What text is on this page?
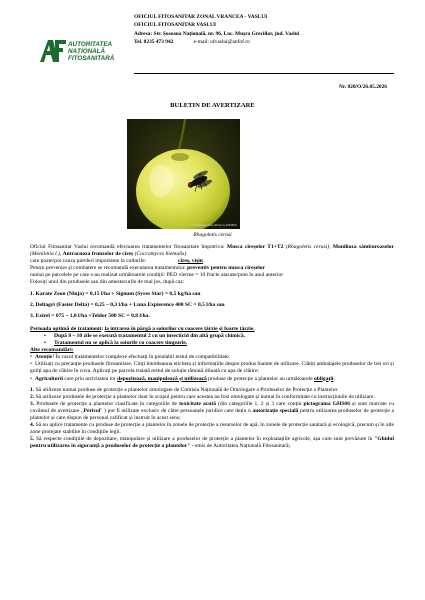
AUTORITATEA
NAȚIONALĂ
FITOSANITARĂ
OFICIUL FITOSANITAR ZONAL VRANCEA - VASLUI
OFICIUL FITOSANITAR VASLUI
Adresa: Str. Șoseaua Națională, nr. 96, Loc. Mușra Greciilor, jud. Vaslui
Tel. 0235 473 942	e-mail: ofvaslui@anfof.ro
Nr. 020/O/26.05.2026
BULETIN DE AVERTIZARE
Rhagoletis cerasi (Photo by ANF/BIO)
Rhagoletis cerasi

Oficiul Fitosanitar Vaslui recomandă efectuarea tratamentelor fitosanitare împotriva: Musca cireșelor T1+T2 (Rhagoletis cerasi), Monilioza sâmburoaselor (Monilinia l.), Antracnoza frunzelor de cireș (Coccomyces hiemalis).

care poate/pot cauza pierderi importante la culturile:	cireș, vișin

Pentru prevenire și combatere se recomandă executarea tratamentului: preventiv pentru musca cireșelor

numai pe parcelele pe care s-au realizat următoarele condiții: PED vierme = 10 fructe atacate/pom în anul anterior

Folosiți unul din produsele sau din amestecurile de mai jos, după caz:

1. Karate Zeon (Ninja) = 0,15 l/ha + Signum (Syres Star) = 0,5 kg/ha sau

2. Deltagri (Faster Delta) = 0,25 – 0,3 l/ha + Luna Expierence 400 SC = 0,5 l/ha sau

3. Exirel = 075 – 1,0 l/ha +Teldor 500 SC = 0,8 l/ha.

Perioada optimă de tratament: la intrarea în pârgă a soiurilor cu coacere târzie și foarte târzie.

• După 8 – 10 zile se execută tratamentul 2 cu un insecticid din altă grupă chimică.
• Tratamentul nu se aplică la soiurile cu coacere timpurie.

Alte recomandări:

• Atenție! În cazul tratamentelor complexe efectuați în prealabil testul de compatibilitate.

• Utilizați cu precauție produsele fitosanitare. Citiți întotdeauna eticheta și informațiile despre produs înainte de utilizare. Clătiți ambalajele produselor de trei ori și goliți apa de clătire în cuva. Aplicați pe parcela tratată restul de soluție rămasă diluată cu apa de clătire;

• Agricultorii care prin activitatea lor depozitează, manipulează și utilizează produse de protecție a plantelor au următoarele obligații:

1. Să utilizeze numai produse de protecție a plantelor omologate de Comisia Națională de Omologare a Produselor de Protecție a Plantelor.

2. Să utilizeze produsele de protecție a plantelor doar în scopul pentru care acestea au fost omologate și numai în conformitate cu instrucțiunile de utilizare.

3. Produsele de protecție a plantelor clasificate în categoriile de toxicitate acută (din categoriile 1, 2 și 3 care conțin pictograma GHS06 și sunt marcate cu cuvântul de avertizare „Pericol" ) pot fi utilizate exclusiv de către persoanele juridice care dețin o autorizație specială pentru utilizarea produselor de protecție a plantelor și care dispun de personal calificat și instruit în acest sens;

4. Să nu aplice tratamente cu produse de protecție a plantelor în zonele de protecție a resurselor de apă, în zonele de protecție sanitară și ecologică, precum și în alte zone protejate stabilite în condițiile legii.

5. Să respecte condițiile de depozitare, manipulare și utilizare a produselor de protecție a plantelor în exploatațiile agricole, așa cum sunt prevăzute în "Ghidul pentru utilizarea în siguranță a produselor de protecție a plantelor" - emis de Autoritatea Națională Fitosanitară;
